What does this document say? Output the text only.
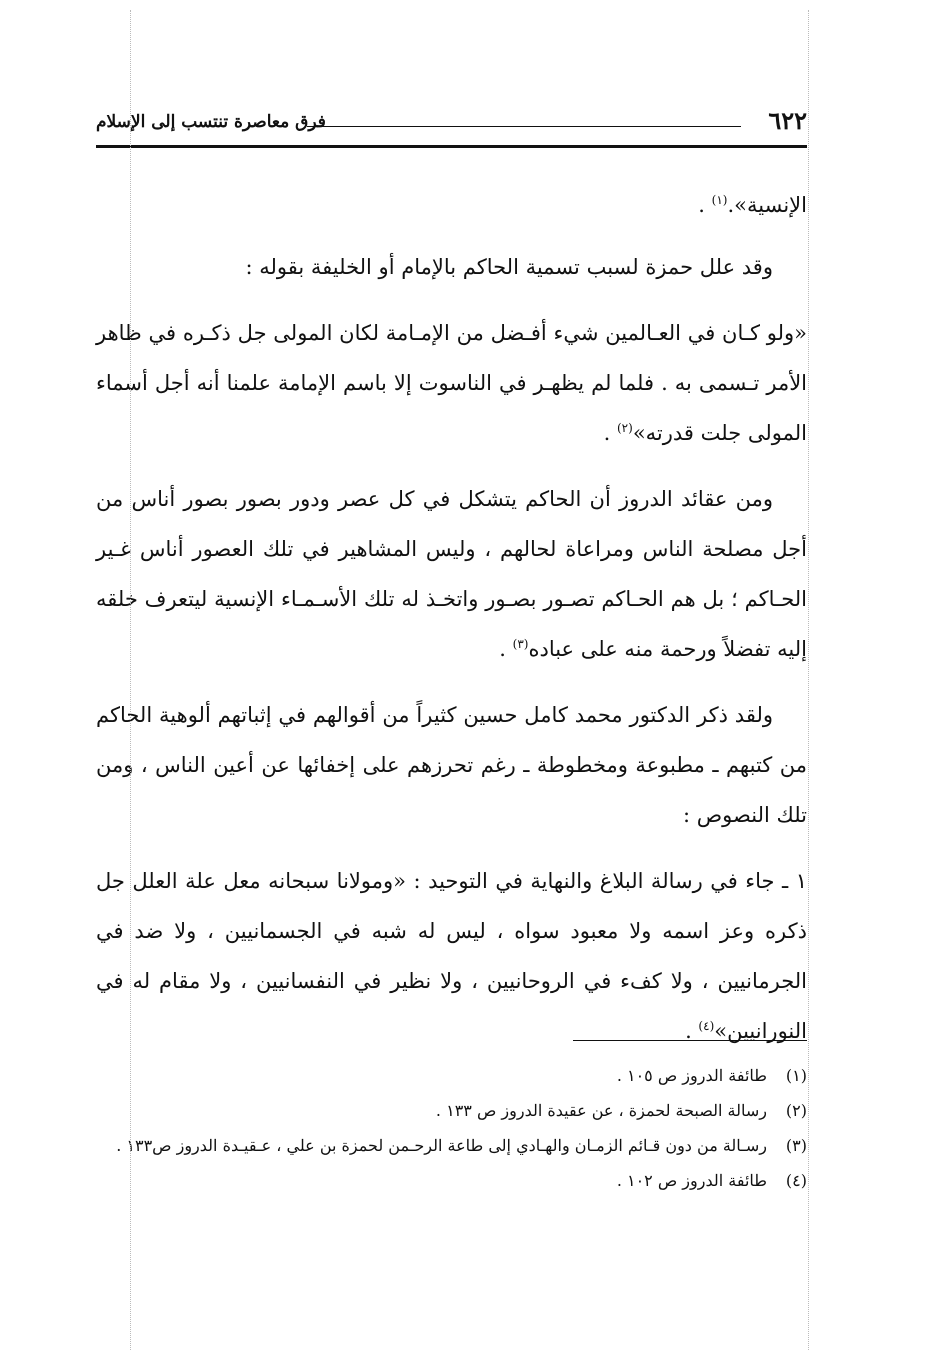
٦٢٢
فرق معاصرة تنتسب إلى الإسلام

الإنسية».$^{(١)}$ .

وقد علل حمزة لسبب تسمية الحاكم بالإمام أو الخليفة بقوله :

«ولو كـان في العـالمين شيء أفـضل من الإمـامة لكان المولى جل ذكـره في ظاهر الأمر تـسمى به . فلما لم يظهـر في الناسوت إلا باسم الإمامة علمنا أنه أجل أسماء المولى جلت قدرته»$^{(٢)}$ .

ومن عقائد الدروز أن الحاكم يتشكل في كل عصر ودور بصور بصور أناس من أجل مصلحة الناس ومراعاة لحالهم ، وليس المشاهير في تلك العصور أناس غـير الحـاكم ؛ بل هم الحـاكم تصـور بصـور واتخـذ له تلك الأسـمـاء الإنسية ليتعرف خلقه إليه تفضلاً ورحمة منه على عباده$^{(٣)}$ .

ولقد ذكر الدكتور محمد كامل حسين كثيراً من أقوالهم في إثباتهم ألوهية الحاكم من كتبهم ـ مطبوعة ومخطوطة ـ رغم تحرزهم على إخفائها عن أعين الناس ، ومن تلك النصوص :

١ ـ جاء في رسالة البلاغ والنهاية في التوحيد : «ومولانا سبحانه معل علة العلل جل ذكره وعز اسمه ولا معبود سواه ، ليس له شبه في الجسمانيين ، ولا ضد في الجرمانيين ، ولا كفء في الروحانيين ، ولا نظير في النفسانيين ، ولا مقام له في النورانيين»$^{(٤)}$ .

(١)
طائفة الدروز ص ١٠٥ .
(٢)
رسالة الصبحة لحمزة ، عن عقيدة الدروز ص ١٣٣ .
(٣)
رسـالة من دون قـائم الزمـان والهـادي إلى طاعة الرحـمن لحمزة بن علي ، عـقيـدة الدروز ص١٣٣ .
(٤)
طائفة الدروز ص ١٠٢ .
